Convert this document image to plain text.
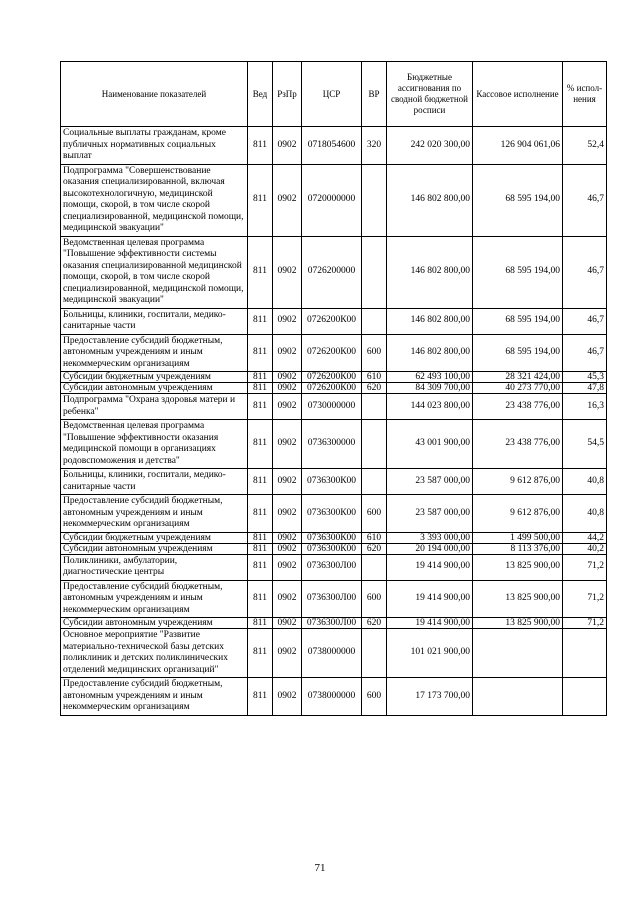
Наименование показателей	Вед	РзПр	ЦСР	ВР	Бюджетные ассигнования по сводной бюджетной росписи	Кассовое исполнение	% испол-нения
Социальные выплаты гражданам, кроме публичных нормативных социальных выплат	811	0902	0718054600	320	242 020 300,00	126 904 061,06	52,4
Подпрограмма "Совершенствование оказания специализированной, включая высокотехнологичную, медицинской помощи, скорой, в том числе скорой специализированной, медицинской помощи, медицинской эвакуации"	811	0902	0720000000		146 802 800,00	68 595 194,00	46,7
Ведомственная целевая программа "Повышение эффективности системы оказания специализированной медицинской помощи, скорой, в том числе скорой специализированной, медицинской помощи, медицинской эвакуации"	811	0902	0726200000		146 802 800,00	68 595 194,00	46,7
Больницы, клиники, госпитали, медико-санитарные части	811	0902	0726200К00		146 802 800,00	68 595 194,00	46,7
Предоставление субсидий бюджетным, автономным учреждениям и иным некоммерческим организациям	811	0902	0726200К00	600	146 802 800,00	68 595 194,00	46,7
Субсидии бюджетным учреждениям	811	0902	0726200К00	610	62 493 100,00	28 321 424,00	45,3
Субсидии автономным учреждениям	811	0902	0726200К00	620	84 309 700,00	40 273 770,00	47,8
Подпрограмма "Охрана здоровья матери и ребенка"	811	0902	0730000000		144 023 800,00	23 438 776,00	16,3
Ведомственная целевая программа "Повышение эффективности оказания медицинской помощи в организациях родовспоможения и детства"	811	0902	0736300000		43 001 900,00	23 438 776,00	54,5
Больницы, клиники, госпитали, медико-санитарные части	811	0902	0736300К00		23 587 000,00	9 612 876,00	40,8
Предоставление субсидий бюджетным, автономным учреждениям и иным некоммерческим организациям	811	0902	0736300К00	600	23 587 000,00	9 612 876,00	40,8
Субсидии бюджетным учреждениям	811	0902	0736300К00	610	3 393 000,00	1 499 500,00	44,2
Субсидии автономным учреждениям	811	0902	0736300К00	620	20 194 000,00	8 113 376,00	40,2
Поликлиники, амбулатории, диагностические центры	811	0902	0736300Л00		19 414 900,00	13 825 900,00	71,2
Предоставление субсидий бюджетным, автономным учреждениям и иным некоммерческим организациям	811	0902	0736300Л00	600	19 414 900,00	13 825 900,00	71,2
Субсидии автономным учреждениям	811	0902	0736300Л00	620	19 414 900,00	13 825 900,00	71,2
Основное мероприятие "Развитие материально-технической базы детских поликлиник и детских поликлинических отделений медицинских организаций"	811	0902	0738000000		101 021 900,00		
Предоставление субсидий бюджетным, автономным учреждениям и иным некоммерческим организациям	811	0902	0738000000	600	17 173 700,00		
71
